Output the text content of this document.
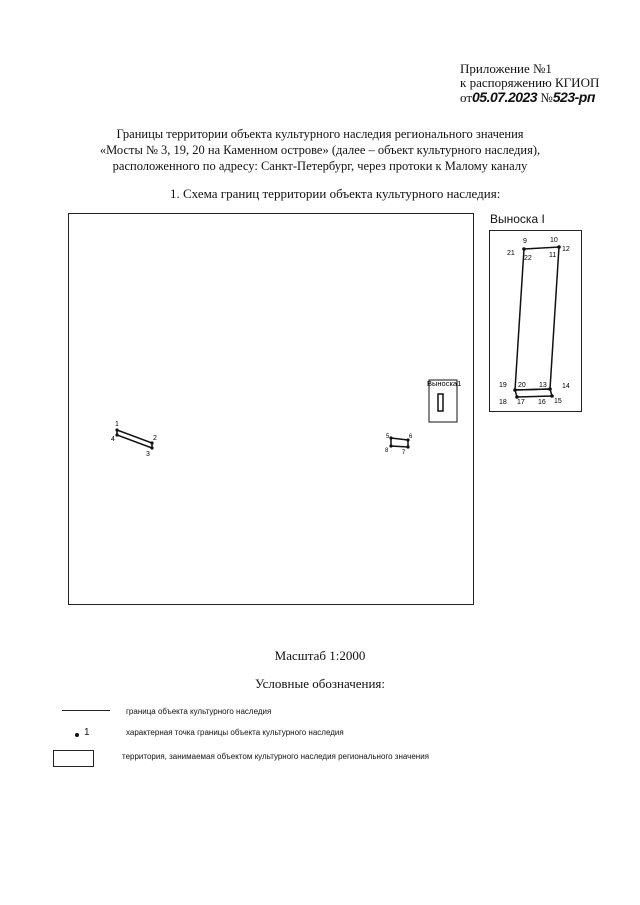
Приложение №1
к распоряжению КГИОП
от05.07.2023 №523-рп
Границы территории объекта культурного наследия регионального значения
«Мосты № 3, 19, 20 на Каменном острове» (далее – объект культурного наследия),
расположенного по адресу: Санкт-Петербург, через протоки к Малому каналу
1. Схема границ территории объекта культурного наследия:
1
2
3
4	5	6
7
8
Выноска1
Выноска I
9	10
11
12
13 14
15
16
17
18
19 20
21
22
Масштаб 1:2000
Условные обозначения:
граница объекта культурного наследия
1	характерная точка границы объекта культурного наследия
территория, занимаемая объектом культурного наследия регионального значения
